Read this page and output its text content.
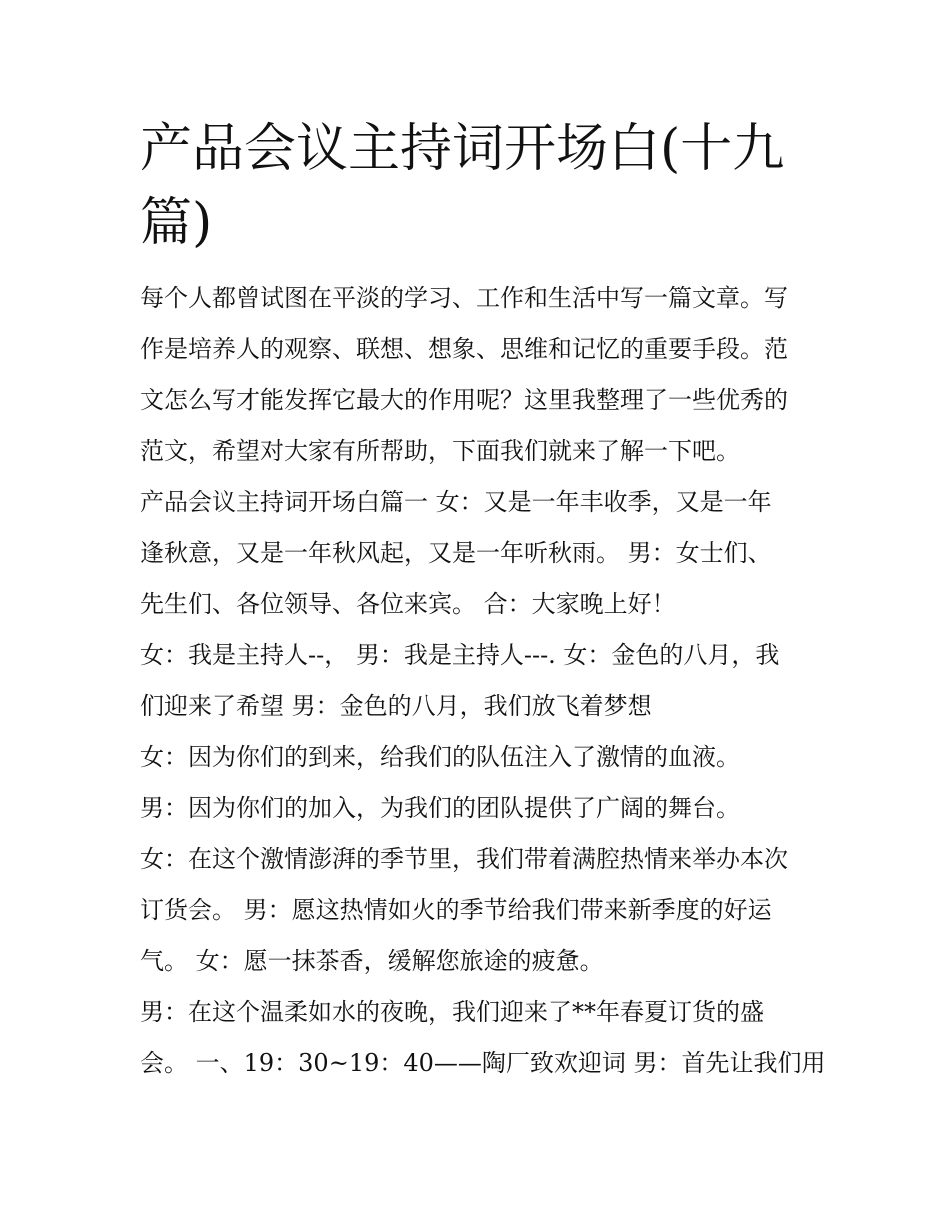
产品会议主持词开场白(十九
篇)
每个人都曾试图在平淡的学习、工作和生活中写一篇文章。写
作是培养人的观察、联想、想象、思维和记忆的重要手段。范
文怎么写才能发挥它最大的作用呢？这里我整理了一些优秀的
范文，希望对大家有所帮助，下面我们就来了解一下吧。
产品会议主持词开场白篇一 女：又是一年丰收季，又是一年
逢秋意，又是一年秋风起，又是一年听秋雨。 男：女士们、
先生们、各位领导、各位来宾。 合：大家晚上好！
女：我是主持人--， 男：我是主持人---. 女：金色的八月，我
们迎来了希望 男：金色的八月，我们放飞着梦想
女：因为你们的到来，给我们的队伍注入了激情的血液。
男：因为你们的加入，为我们的团队提供了广阔的舞台。
女：在这个激情澎湃的季节里，我们带着满腔热情来举办本次
订货会。 男：愿这热情如火的季节给我们带来新季度的好运
气。 女：愿一抹茶香，缓解您旅途的疲惫。
男：在这个温柔如水的夜晚，我们迎来了**年春夏订货的盛
会。 一、19：30~19：40——陶厂致欢迎词 男：首先让我们用
